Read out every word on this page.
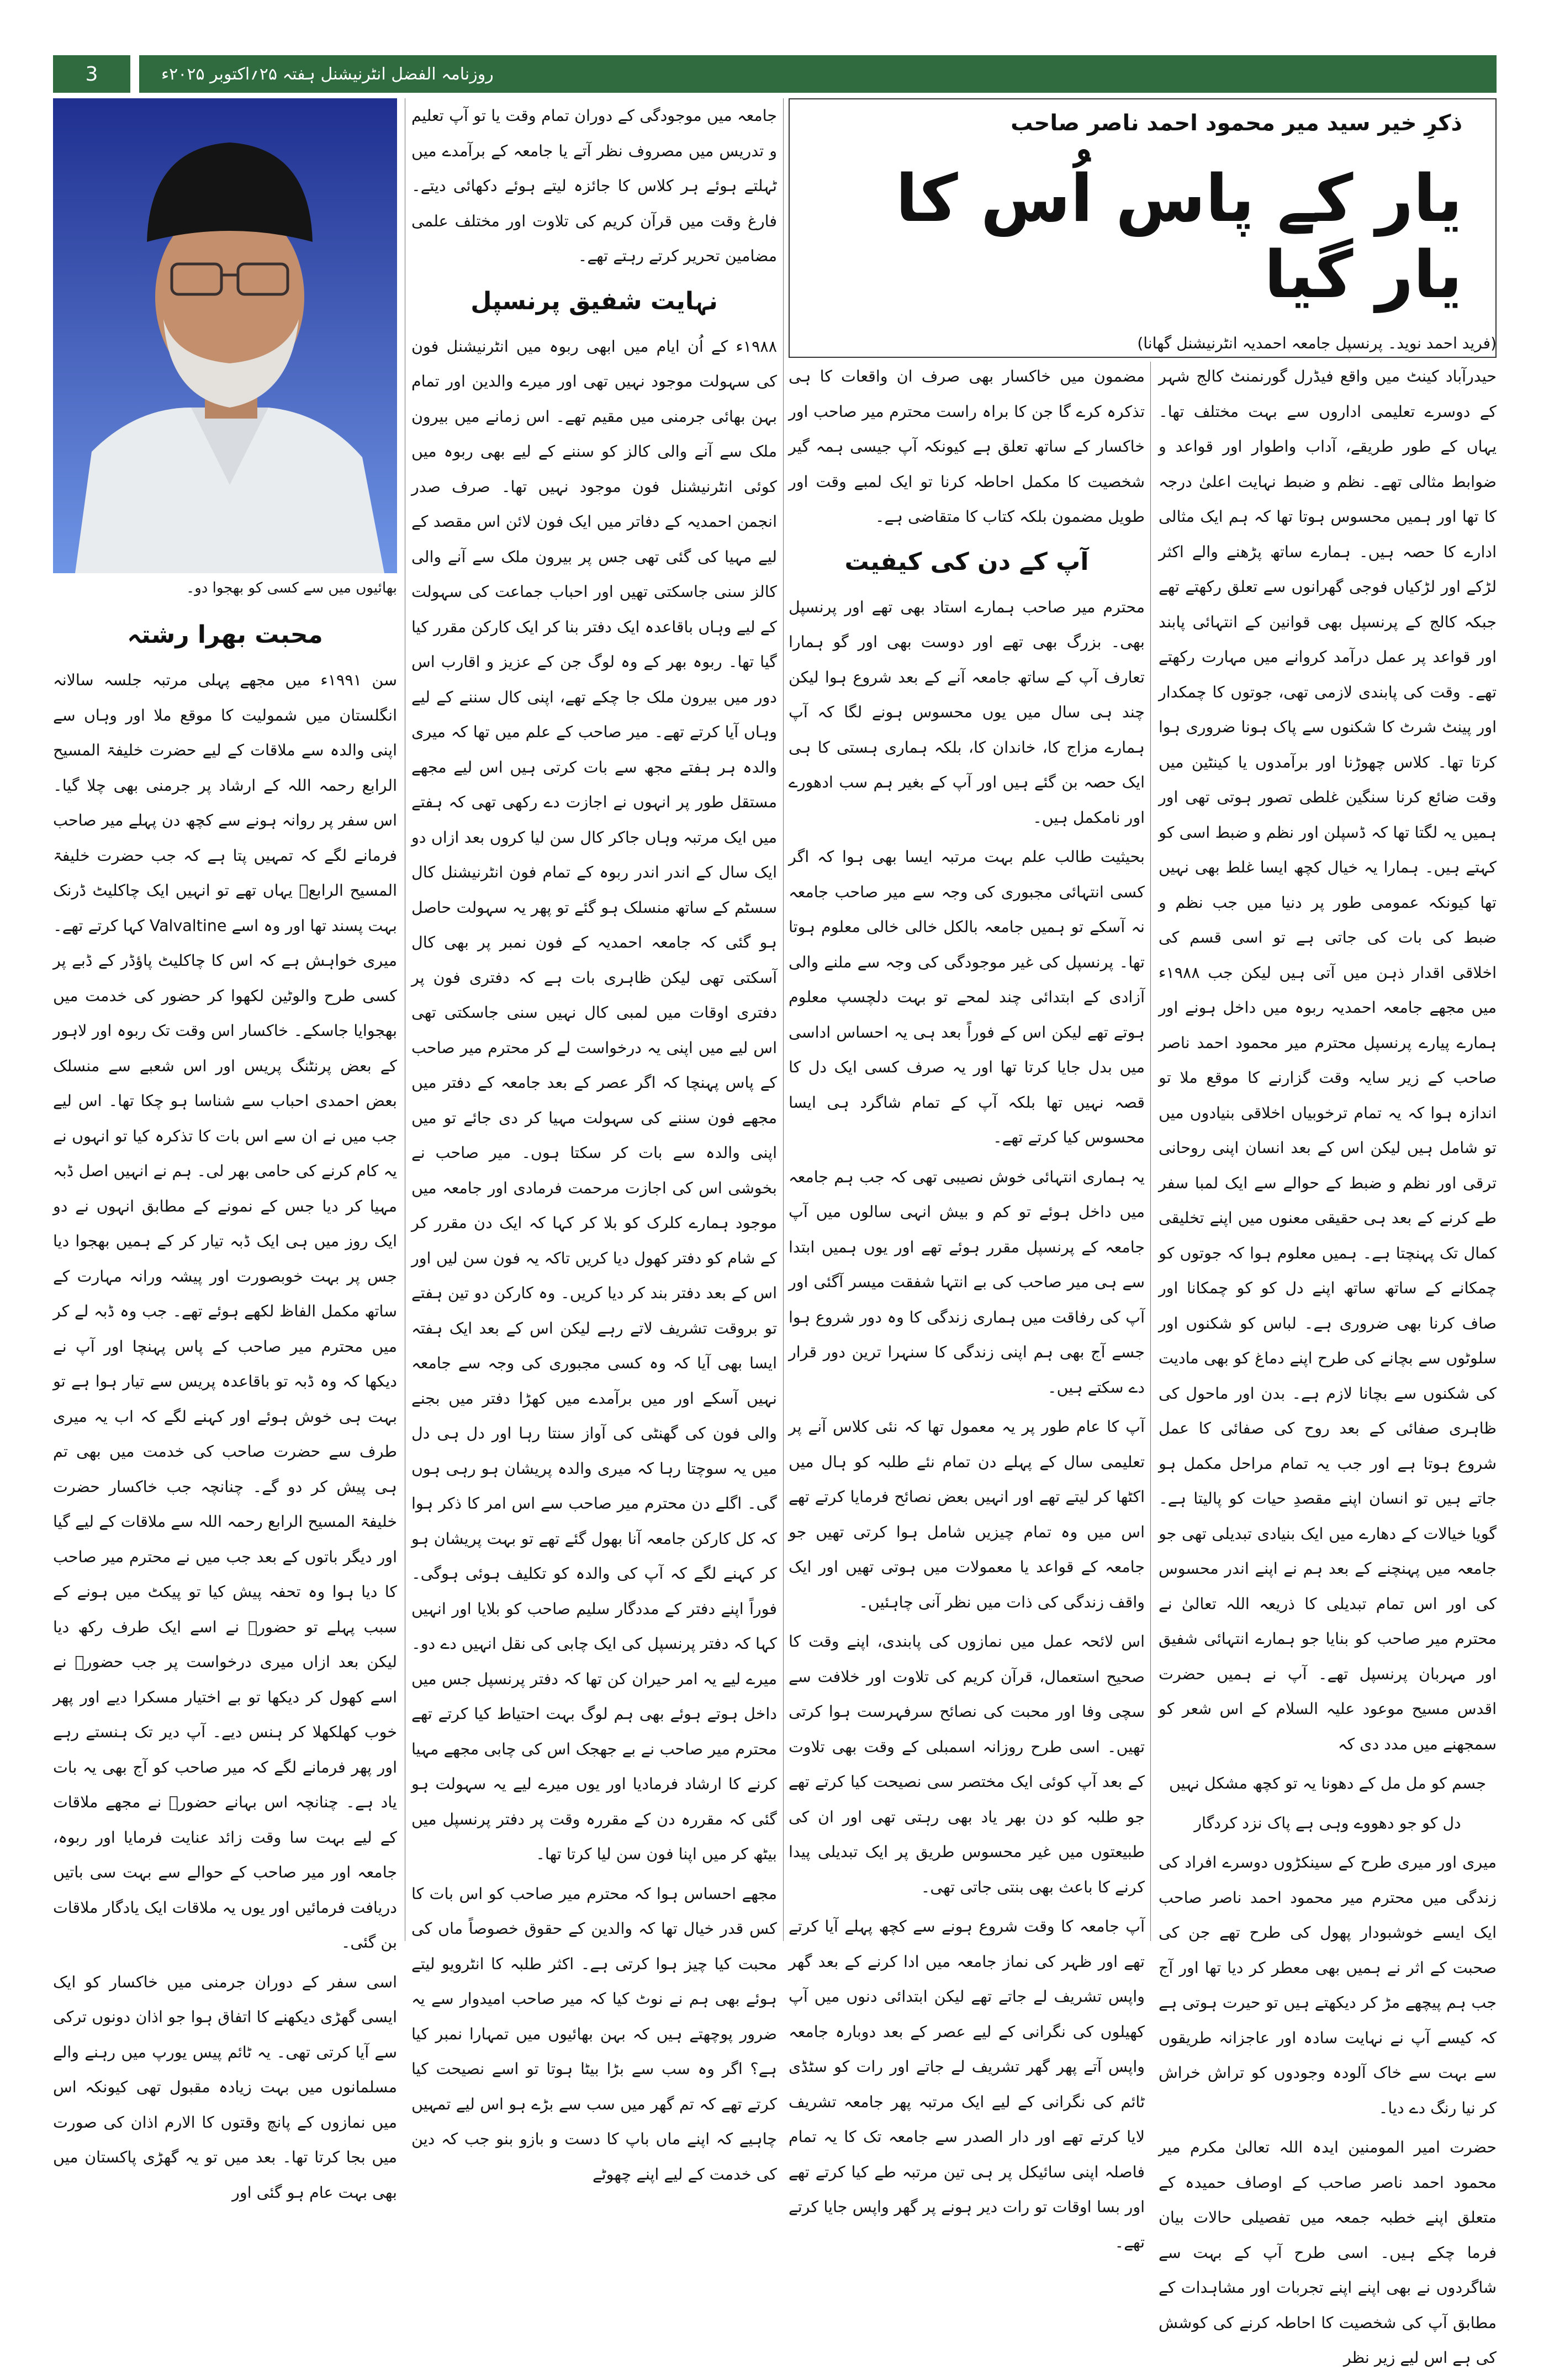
3	روزنامہ الفضل انٹرنیشنل ہفتہ ۲۵؍اکتوبر ۲۰۲۵ء
بھائیوں میں سے کسی کو بھجوا دو۔
ذکرِ خیر سید میر محمود احمد ناصر صاحب
یار کے پاس اُس کا یار گیا
(فرید احمد نوید۔ پرنسپل جامعہ احمدیہ انٹرنیشنل گھانا)

حیدرآباد کینٹ میں واقع فیڈرل گورنمنٹ کالج شہر کے دوسرے تعلیمی اداروں سے بہت مختلف تھا۔ یہاں کے طور طریقے، آداب واطوار اور قواعد و ضوابط مثالی تھے۔ نظم و ضبط نہایت اعلیٰ درجہ کا تھا اور ہمیں محسوس ہوتا تھا کہ ہم ایک مثالی ادارے کا حصہ ہیں۔ ہمارے ساتھ پڑھنے والے اکثر لڑکے اور لڑکیاں فوجی گھرانوں سے تعلق رکھتے تھے جبکہ کالج کے پرنسپل بھی قوانین کے انتہائی پابند اور قواعد پر عمل درآمد کروانے میں مہارت رکھتے تھے۔ وقت کی پابندی لازمی تھی، جوتوں کا چمکدار اور پینٹ شرٹ کا شکنوں سے پاک ہونا ضروری ہوا کرتا تھا۔ کلاس چھوڑنا اور برآمدوں یا کینٹین میں وقت ضائع کرنا سنگین غلطی تصور ہوتی تھی اور ہمیں یہ لگتا تھا کہ ڈسپلن اور نظم و ضبط اسی کو کہتے ہیں۔ ہمارا یہ خیال کچھ ایسا غلط بھی نہیں تھا کیونکہ عمومی طور پر دنیا میں جب نظم و ضبط کی بات کی جاتی ہے تو اسی قسم کی اخلاقی اقدار ذہن میں آتی ہیں لیکن جب ۱۹۸۸ء میں مجھے جامعہ احمدیہ ربوہ میں داخل ہونے اور ہمارے پیارے پرنسپل محترم میر محمود احمد ناصر صاحب کے زیر سایہ وقت گزارنے کا موقع ملا تو اندازہ ہوا کہ یہ تمام ترخوبیاں اخلاقی بنیادوں میں تو شامل ہیں لیکن اس کے بعد انسان اپنی روحانی ترقی اور نظم و ضبط کے حوالے سے ایک لمبا سفر طے کرنے کے بعد ہی حقیقی معنوں میں اپنے تخلیقی کمال تک پہنچتا ہے۔ ہمیں معلوم ہوا کہ جوتوں کو چمکانے کے ساتھ ساتھ اپنے دل کو کو چمکانا اور صاف کرنا بھی ضروری ہے۔ لباس کو شکنوں اور سلوٹوں سے بچانے کی طرح اپنے دماغ کو بھی مادیت کی شکنوں سے بچانا لازم ہے۔ بدن اور ماحول کی ظاہری صفائی کے بعد روح کی صفائی کا عمل شروع ہوتا ہے اور جب یہ تمام مراحل مکمل ہو جاتے ہیں تو انسان اپنے مقصدِ حیات کو پالیتا ہے۔ گویا خیالات کے دھارے میں ایک بنیادی تبدیلی تھی جو جامعہ میں پہنچنے کے بعد ہم نے اپنے اندر محسوس کی اور اس تمام تبدیلی کا ذریعہ اللہ تعالیٰ نے محترم میر صاحب کو بنایا جو ہمارے انتہائی شفیق اور مہربان پرنسپل تھے۔ آپ نے ہمیں حضرت اقدس مسیح موعود علیہ السلام کے اس شعر کو سمجھنے میں مدد دی کہ

جسم کو مل مل کے دھونا یہ تو کچھ مشکل نہیں

دل کو جو دھووے وہی ہے پاک نزد کردگار

میری اور میری طرح کے سینکڑوں دوسرے افراد کی زندگی میں محترم میر محمود احمد ناصر صاحب ایک ایسے خوشبودار پھول کی طرح تھے جن کی صحبت کے اثر نے ہمیں بھی معطر کر دیا تھا اور آج جب ہم پیچھے مڑ کر دیکھتے ہیں تو حیرت ہوتی ہے کہ کیسے آپ نے نہایت سادہ اور عاجزانہ طریقوں سے بہت سے خاک آلودہ وجودوں کو تراش خراش کر نیا رنگ دے دیا۔

حضرت امیر المومنین ایدہ اللہ تعالیٰ مکرم میر محمود احمد ناصر صاحب کے اوصاف حمیدہ کے متعلق اپنے خطبہ جمعہ میں تفصیلی حالات بیان فرما چکے ہیں۔ اسی طرح آپ کے بہت سے شاگردوں نے بھی اپنے اپنے تجربات اور مشاہدات کے مطابق آپ کی شخصیت کا احاطہ کرنے کی کوشش کی ہے اس لیے زیر نظر

مضمون میں خاکسار بھی صرف ان واقعات کا ہی تذکرہ کرے گا جن کا براہ راست محترم میر صاحب اور خاکسار کے ساتھ تعلق ہے کیونکہ آپ جیسی ہمہ گیر شخصیت کا مکمل احاطہ کرنا تو ایک لمبے وقت اور طویل مضمون بلکہ کتاب کا متقاضی ہے۔

آپ کے دن کی کیفیت

محترم میر صاحب ہمارے استاد بھی تھے اور پرنسپل بھی۔ بزرگ بھی تھے اور دوست بھی اور گو ہمارا تعارف آپ کے ساتھ جامعہ آنے کے بعد شروع ہوا لیکن چند ہی سال میں یوں محسوس ہونے لگا کہ آپ ہمارے مزاج کا، خاندان کا، بلکہ ہماری ہستی کا ہی ایک حصہ بن گئے ہیں اور آپ کے بغیر ہم سب ادھورے اور نامکمل ہیں۔

بحیثیت طالب علم بہت مرتبہ ایسا بھی ہوا کہ اگر کسی انتہائی مجبوری کی وجہ سے میر صاحب جامعہ نہ آسکے تو ہمیں جامعہ بالکل خالی خالی معلوم ہوتا تھا۔ پرنسپل کی غیر موجودگی کی وجہ سے ملنے والی آزادی کے ابتدائی چند لمحے تو بہت دلچسپ معلوم ہوتے تھے لیکن اس کے فوراً بعد ہی یہ احساس اداسی میں بدل جایا کرتا تھا اور یہ صرف کسی ایک دل کا قصہ نہیں تھا بلکہ آپ کے تمام شاگرد ہی ایسا محسوس کیا کرتے تھے۔

یہ ہماری انتہائی خوش نصیبی تھی کہ جب ہم جامعہ میں داخل ہوئے تو کم و بیش انہی سالوں میں آپ جامعہ کے پرنسپل مقرر ہوئے تھے اور یوں ہمیں ابتدا سے ہی میر صاحب کی بے انتہا شفقت میسر آگئی اور آپ کی رفاقت میں ہماری زندگی کا وہ دور شروع ہوا جسے آج بھی ہم اپنی زندگی کا سنہرا ترین دور قرار دے سکتے ہیں۔

آپ کا عام طور پر یہ معمول تھا کہ نئی کلاس آنے پر تعلیمی سال کے پہلے دن تمام نئے طلبہ کو ہال میں اکٹھا کر لیتے تھے اور انہیں بعض نصائح فرمایا کرتے تھے اس میں وہ تمام چیزیں شامل ہوا کرتی تھیں جو جامعہ کے قواعد یا معمولات میں ہوتی تھیں اور ایک واقف زندگی کی ذات میں نظر آنی چاہئیں۔

اس لائحہ عمل میں نمازوں کی پابندی، اپنے وقت کا صحیح استعمال، قرآن کریم کی تلاوت اور خلافت سے سچی وفا اور محبت کی نصائح سرفہرست ہوا کرتی تھیں۔ اسی طرح روزانہ اسمبلی کے وقت بھی تلاوت کے بعد آپ کوئی ایک مختصر سی نصیحت کیا کرتے تھے جو طلبہ کو دن بھر یاد بھی رہتی تھی اور ان کی طبیعتوں میں غیر محسوس طریق پر ایک تبدیلی پیدا کرنے کا باعث بھی بنتی جاتی تھی۔

آپ جامعہ کا وقت شروع ہونے سے کچھ پہلے آیا کرتے تھے اور ظہر کی نماز جامعہ میں ادا کرنے کے بعد گھر واپس تشریف لے جاتے تھے لیکن ابتدائی دنوں میں آپ کھیلوں کی نگرانی کے لیے عصر کے بعد دوبارہ جامعہ واپس آتے پھر گھر تشریف لے جاتے اور رات کو سٹڈی ٹائم کی نگرانی کے لیے ایک مرتبہ پھر جامعہ تشریف لایا کرتے تھے اور دار الصدر سے جامعہ تک کا یہ تمام فاصلہ اپنی سائیکل پر ہی تین مرتبہ طے کیا کرتے تھے اور بسا اوقات تو رات دیر ہونے پر گھر واپس جایا کرتے تھے۔

جامعہ میں موجودگی کے دوران تمام وقت یا تو آپ تعلیم و تدریس میں مصروف نظر آتے یا جامعہ کے برآمدے میں ٹہلتے ہوئے ہر کلاس کا جائزہ لیتے ہوئے دکھائی دیتے۔ فارغ وقت میں قرآن کریم کی تلاوت اور مختلف علمی مضامین تحریر کرتے رہتے تھے۔

نہایت شفیق پرنسپل

۱۹۸۸ء کے اُن ایام میں ابھی ربوہ میں انٹرنیشنل فون کی سہولت موجود نہیں تھی اور میرے والدین اور تمام بہن بھائی جرمنی میں مقیم تھے۔ اس زمانے میں بیرون ملک سے آنے والی کالز کو سننے کے لیے بھی ربوہ میں کوئی انٹرنیشنل فون موجود نہیں تھا۔ صرف صدر انجمن احمدیہ کے دفاتر میں ایک فون لائن اس مقصد کے لیے مہیا کی گئی تھی جس پر بیرون ملک سے آنے والی کالز سنی جاسکتی تھیں اور احباب جماعت کی سہولت کے لیے وہاں باقاعدہ ایک دفتر بنا کر ایک کارکن مقرر کیا گیا تھا۔ ربوہ بھر کے وہ لوگ جن کے عزیز و اقارب اس دور میں بیرون ملک جا چکے تھے، اپنی کال سننے کے لیے وہاں آیا کرتے تھے۔ میر صاحب کے علم میں تھا کہ میری والدہ ہر ہفتے مجھ سے بات کرتی ہیں اس لیے مجھے مستقل طور پر انہوں نے اجازت دے رکھی تھی کہ ہفتے میں ایک مرتبہ وہاں جاکر کال سن لیا کروں بعد ازاں دو ایک سال کے اندر اندر ربوہ کے تمام فون انٹرنیشنل کال سسٹم کے ساتھ منسلک ہو گئے تو پھر یہ سہولت حاصل ہو گئی کہ جامعہ احمدیہ کے فون نمبر پر بھی کال آسکتی تھی لیکن ظاہری بات ہے کہ دفتری فون پر دفتری اوقات میں لمبی کال نہیں سنی جاسکتی تھی اس لیے میں اپنی یہ درخواست لے کر محترم میر صاحب کے پاس پہنچا کہ اگر عصر کے بعد جامعہ کے دفتر میں مجھے فون سننے کی سہولت مہیا کر دی جائے تو میں اپنی والدہ سے بات کر سکتا ہوں۔ میر صاحب نے بخوشی اس کی اجازت مرحمت فرمادی اور جامعہ میں موجود ہمارے کلرک کو بلا کر کہا کہ ایک دن مقرر کر کے شام کو دفتر کھول دیا کریں تاکہ یہ فون سن لیں اور اس کے بعد دفتر بند کر دیا کریں۔ وہ کارکن دو تین ہفتے تو بروقت تشریف لاتے رہے لیکن اس کے بعد ایک ہفتہ ایسا بھی آیا کہ وہ کسی مجبوری کی وجہ سے جامعہ نہیں آسکے اور میں برآمدے میں کھڑا دفتر میں بجنے والی فون کی گھنٹی کی آواز سنتا رہا اور دل ہی دل میں یہ سوچتا رہا کہ میری والدہ پریشان ہو رہی ہوں گی۔ اگلے دن محترم میر صاحب سے اس امر کا ذکر ہوا کہ کل کارکن جامعہ آنا بھول گئے تھے تو بہت پریشان ہو کر کہنے لگے کہ آپ کی والدہ کو تکلیف ہوئی ہوگی۔ فوراً اپنے دفتر کے مددگار سلیم صاحب کو بلایا اور انہیں کہا کہ دفتر پرنسپل کی ایک چابی کی نقل انہیں دے دو۔ میرے لیے یہ امر حیران کن تھا کہ دفتر پرنسپل جس میں داخل ہوتے ہوئے بھی ہم لوگ بہت احتیاط کیا کرتے تھے محترم میر صاحب نے بے جھجک اس کی چابی مجھے مہیا کرنے کا ارشاد فرمادیا اور یوں میرے لیے یہ سہولت ہو گئی کہ مقررہ دن کے مقررہ وقت پر دفتر پرنسپل میں بیٹھ کر میں اپنا فون سن لیا کرتا تھا۔

مجھے احساس ہوا کہ محترم میر صاحب کو اس بات کا کس قدر خیال تھا کہ والدین کے حقوق خصوصاً ماں کی محبت کیا چیز ہوا کرتی ہے۔ اکثر طلبہ کا انٹرویو لیتے ہوئے بھی ہم نے نوٹ کیا کہ میر صاحب امیدوار سے یہ ضرور پوچھتے ہیں کہ بہن بھائیوں میں تمہارا نمبر کیا ہے؟ اگر وہ سب سے بڑا بیٹا ہوتا تو اسے نصیحت کیا کرتے تھے کہ تم گھر میں سب سے بڑے ہو اس لیے تمہیں چاہیے کہ اپنے ماں باپ کا دست و بازو بنو جب کہ دین کی خدمت کے لیے اپنے چھوٹے

محبت بھرا رشتہ

سن ۱۹۹۱ء میں مجھے پہلی مرتبہ جلسہ سالانہ انگلستان میں شمولیت کا موقع ملا اور وہاں سے اپنی والدہ سے ملاقات کے لیے حضرت خلیفۃ المسیح الرابع رحمہ اللہ کے ارشاد پر جرمنی بھی چلا گیا۔ اس سفر پر روانہ ہونے سے کچھ دن پہلے میر صاحب فرمانے لگے کہ تمہیں پتا ہے کہ جب حضرت خلیفۃ المسیح الرابعؒ یہاں تھے تو انہیں ایک چاکلیٹ ڈرنک بہت پسند تھا اور وہ اسے Valvaltine کہا کرتے تھے۔ میری خواہش ہے کہ اس کا چاکلیٹ پاؤڈر کے ڈبے پر کسی طرح والوٹین لکھوا کر حضور کی خدمت میں بھجوایا جاسکے۔ خاکسار اس وقت تک ربوہ اور لاہور کے بعض پرنٹنگ پریس اور اس شعبے سے منسلک بعض احمدی احباب سے شناسا ہو چکا تھا۔ اس لیے جب میں نے ان سے اس بات کا تذکرہ کیا تو انہوں نے یہ کام کرنے کی حامی بھر لی۔ ہم نے انہیں اصل ڈبہ مہیا کر دیا جس کے نمونے کے مطابق انہوں نے دو ایک روز میں ہی ایک ڈبہ تیار کر کے ہمیں بھجوا دیا جس پر بہت خوبصورت اور پیشہ ورانہ مہارت کے ساتھ مکمل الفاظ لکھے ہوئے تھے۔ جب وہ ڈبہ لے کر میں محترم میر صاحب کے پاس پہنچا اور آپ نے دیکھا کہ وہ ڈبہ تو باقاعدہ پریس سے تیار ہوا ہے تو بہت ہی خوش ہوئے اور کہنے لگے کہ اب یہ میری طرف سے حضرت صاحب کی خدمت میں بھی تم ہی پیش کر دو گے۔ چنانچہ جب خاکسار حضرت خلیفۃ المسیح الرابع رحمہ اللہ سے ملاقات کے لیے گیا اور دیگر باتوں کے بعد جب میں نے محترم میر صاحب کا دیا ہوا وہ تحفہ پیش کیا تو پیکٹ میں ہونے کے سبب پہلے تو حضورؒ نے اسے ایک طرف رکھ دیا لیکن بعد ازاں میری درخواست پر جب حضورؒ نے اسے کھول کر دیکھا تو بے اختیار مسکرا دیے اور پھر خوب کھلکھلا کر ہنس دیے۔ آپ دیر تک ہنستے رہے اور پھر فرمانے لگے کہ میر صاحب کو آج بھی یہ بات یاد ہے۔ چنانچہ اس بہانے حضورؒ نے مجھے ملاقات کے لیے بہت سا وقت زائد عنایت فرمایا اور ربوہ، جامعہ اور میر صاحب کے حوالے سے بہت سی باتیں دریافت فرمائیں اور یوں یہ ملاقات ایک یادگار ملاقات بن گئی۔

اسی سفر کے دوران جرمنی میں خاکسار کو ایک ایسی گھڑی دیکھنے کا اتفاق ہوا جو اذان دونوں ترکی سے آیا کرتی تھی۔ یہ ٹائم پیس یورپ میں رہنے والے مسلمانوں میں بہت زیادہ مقبول تھی کیونکہ اس میں نمازوں کے پانچ وقتوں کا الارم اذان کی صورت میں بجا کرتا تھا۔ بعد میں تو یہ گھڑی پاکستان میں بھی بہت عام ہو گئی اور
